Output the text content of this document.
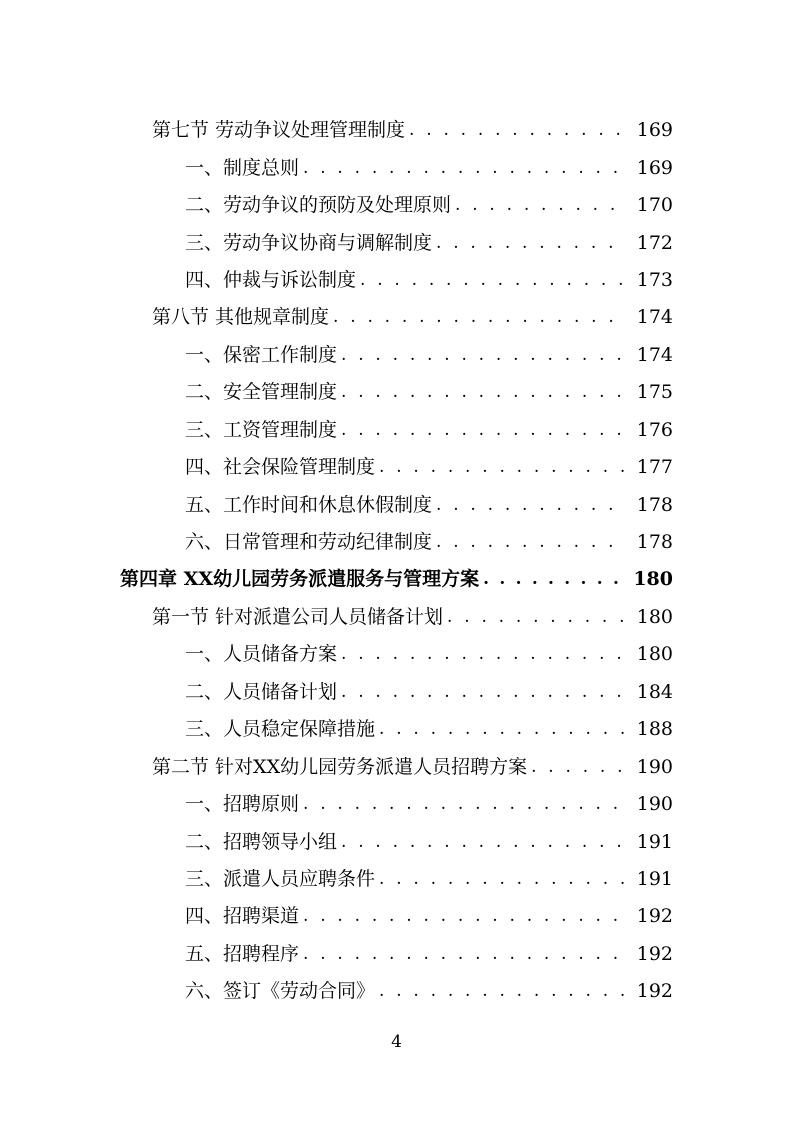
第七节 劳动争议处理管理制度 . . .	169
一、制度总则 . . .	169
二、劳动争议的预防及处理原则 . . .	170
三、劳动争议协商与调解制度 . . .	172
四、仲裁与诉讼制度 . . .	173
第八节 其他规章制度 . . .	174
一、保密工作制度 . . .	174
二、安全管理制度 . . .	175
三、工资管理制度 . . .	176
四、社会保险管理制度 . . .	177
五、工作时间和休息休假制度 . . .	178
六、日常管理和劳动纪律制度 . . .	178
第四章 XX幼儿园劳务派遣服务与管理方案 . . .	180
第一节 针对派遣公司人员储备计划 . . .	180
一、人员储备方案 . . .	180
二、人员储备计划 . . .	184
三、人员稳定保障措施 . . .	188
第二节 针对XX幼儿园劳务派遣人员招聘方案 . . .	190
一、招聘原则 . . .	190
二、招聘领导小组 . . .	191
三、派遣人员应聘条件 . . .	191
四、招聘渠道 . . .	192
五、招聘程序 . . .	192
六、签订《劳动合同》 . . .	192
4
